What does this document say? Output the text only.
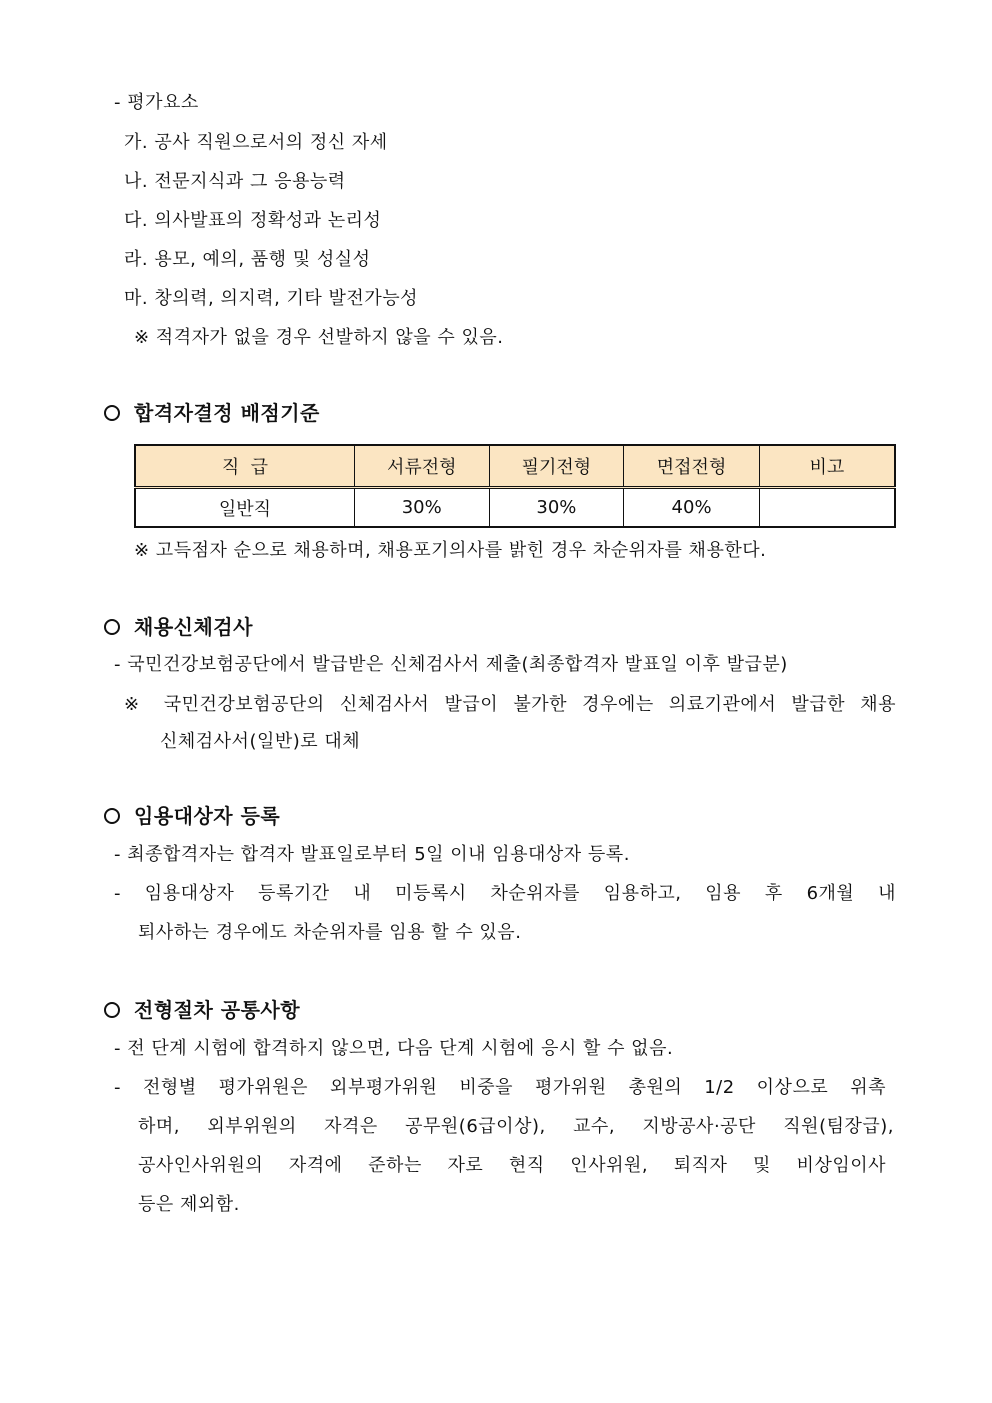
- 평가요소
가. 공사 직원으로서의 정신 자세
나. 전문지식과 그 응용능력
다. 의사발표의 정확성과 논리성
라. 용모, 예의, 품행 및 성실성
마. 창의력, 의지력, 기타 발전가능성
※ 적격자가 없을 경우 선발하지 않을 수 있음.
합격자결정 배점기준
직  급	서류전형	필기전형	면접전형	비고
일반직	30%	30%	40%	
※ 고득점자 순으로 채용하며, 채용포기의사를 밝힌 경우 차순위자를 채용한다.
채용신체검사
- 국민건강보험공단에서 발급받은 신체검사서 제출(최종합격자 발표일 이후 발급분)
※ 국민건강보험공단의 신체검사서 발급이 불가한 경우에는 의료기관에서 발급한 채용
신체검사서(일반)로 대체
임용대상자 등록
- 최종합격자는 합격자 발표일로부터 5일 이내 임용대상자 등록.
- 임용대상자 등록기간 내 미등록시 차순위자를 임용하고, 임용 후 6개월 내
퇴사하는 경우에도 차순위자를 임용 할 수 있음.
전형절차 공통사항
- 전 단계 시험에 합격하지 않으면, 다음 단계 시험에 응시 할 수 없음.
- 전형별 평가위원은 외부평가위원 비중을 평가위원 총원의 1/2 이상으로 위촉
하며, 외부위원의 자격은 공무원(6급이상), 교수, 지방공사·공단 직원(팀장급),
공사인사위원의 자격에 준하는 자로 현직 인사위원, 퇴직자 및 비상임이사
등은 제외함.
